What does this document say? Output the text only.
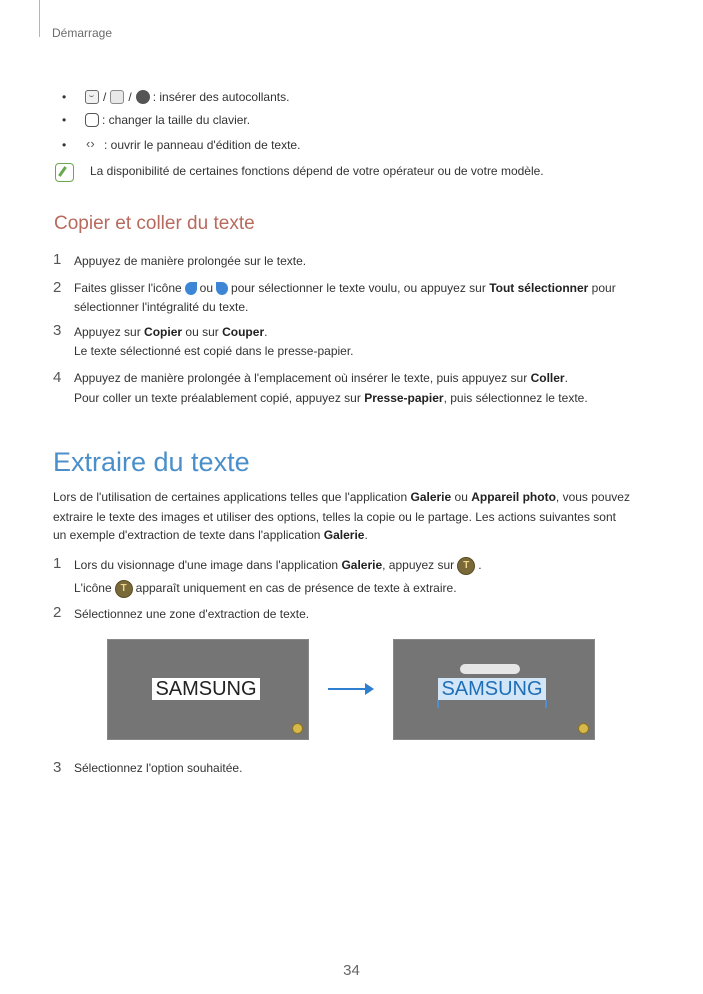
Démarrage
•	/ / : insérer des autocollants.
•	: changer la taille du clavier.
• ‹›	: ouvrir le panneau d'édition de texte.
La disponibilité de certaines fonctions dépend de votre opérateur ou de votre modèle.
Copier et coller du texte
1 Appuyez de manière prolongée sur le texte.
2 Faites glisser l'icône ou pour sélectionner le texte voulu, ou appuyez sur Tout sélectionner pour
sélectionner l'intégralité du texte.
3 Appuyez sur Copier ou sur Couper.
Le texte sélectionné est copié dans le presse-papier.
4 Appuyez de manière prolongée à l'emplacement où insérer le texte, puis appuyez sur Coller.
Pour coller un texte préalablement copié, appuyez sur Presse-papier, puis sélectionnez le texte.
Extraire du texte
Lors de l'utilisation de certaines applications telles que l'application Galerie ou Appareil photo, vous pouvez
extraire le texte des images et utiliser des options, telles la copie ou le partage. Les actions suivantes sont
un exemple d'extraction de texte dans l'application Galerie.
1 Lors du visionnage d'une image dans l'application Galerie, appuyez sur T .
L'icône T apparaît uniquement en cas de présence de texte à extraire.
2 Sélectionnez une zone d'extraction de texte.
SAMSUNG	SAMSUNG
3 Sélectionnez l'option souhaitée.
34
